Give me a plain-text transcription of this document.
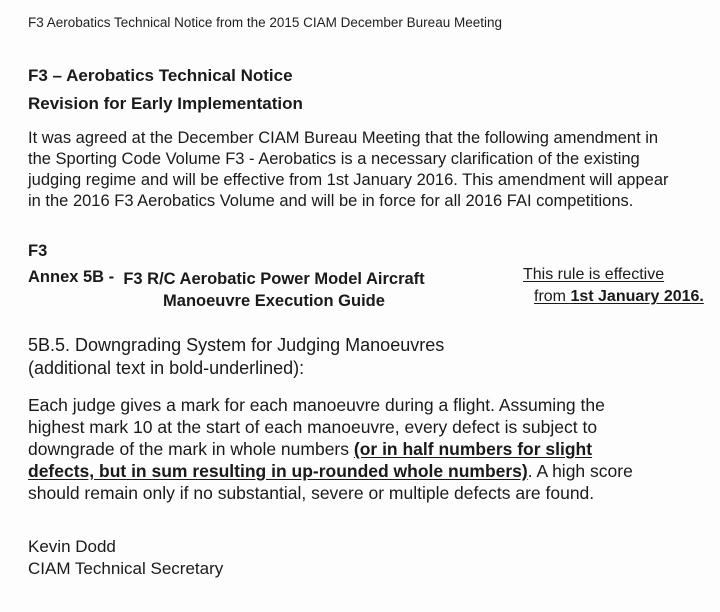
F3 Aerobatics Technical Notice from the 2015 CIAM December Bureau Meeting
F3 – Aerobatics Technical Notice
Revision for Early Implementation
It was agreed at the December CIAM Bureau Meeting that the following amendment in
the Sporting Code Volume F3 - Aerobatics is a necessary clarification of the existing
judging regime and will be effective from 1st January 2016. This amendment will appear
in the 2016 F3 Aerobatics Volume and will be in force for all 2016 FAI competitions.
F3
Annex 5B - F3 R/C Aerobatic Power Model Aircraft
Manoeuvre Execution Guide
This rule is effective
from 1st January 2016.
5B.5. Downgrading System for Judging Manoeuvres
(additional text in bold-underlined):
Each judge gives a mark for each manoeuvre during a flight. Assuming the
highest mark 10 at the start of each manoeuvre, every defect is subject to
downgrade of the mark in whole numbers (or in half numbers for slight
defects, but in sum resulting in up-rounded whole numbers). A high score
should remain only if no substantial, severe or multiple defects are found.
Kevin Dodd
CIAM Technical Secretary
